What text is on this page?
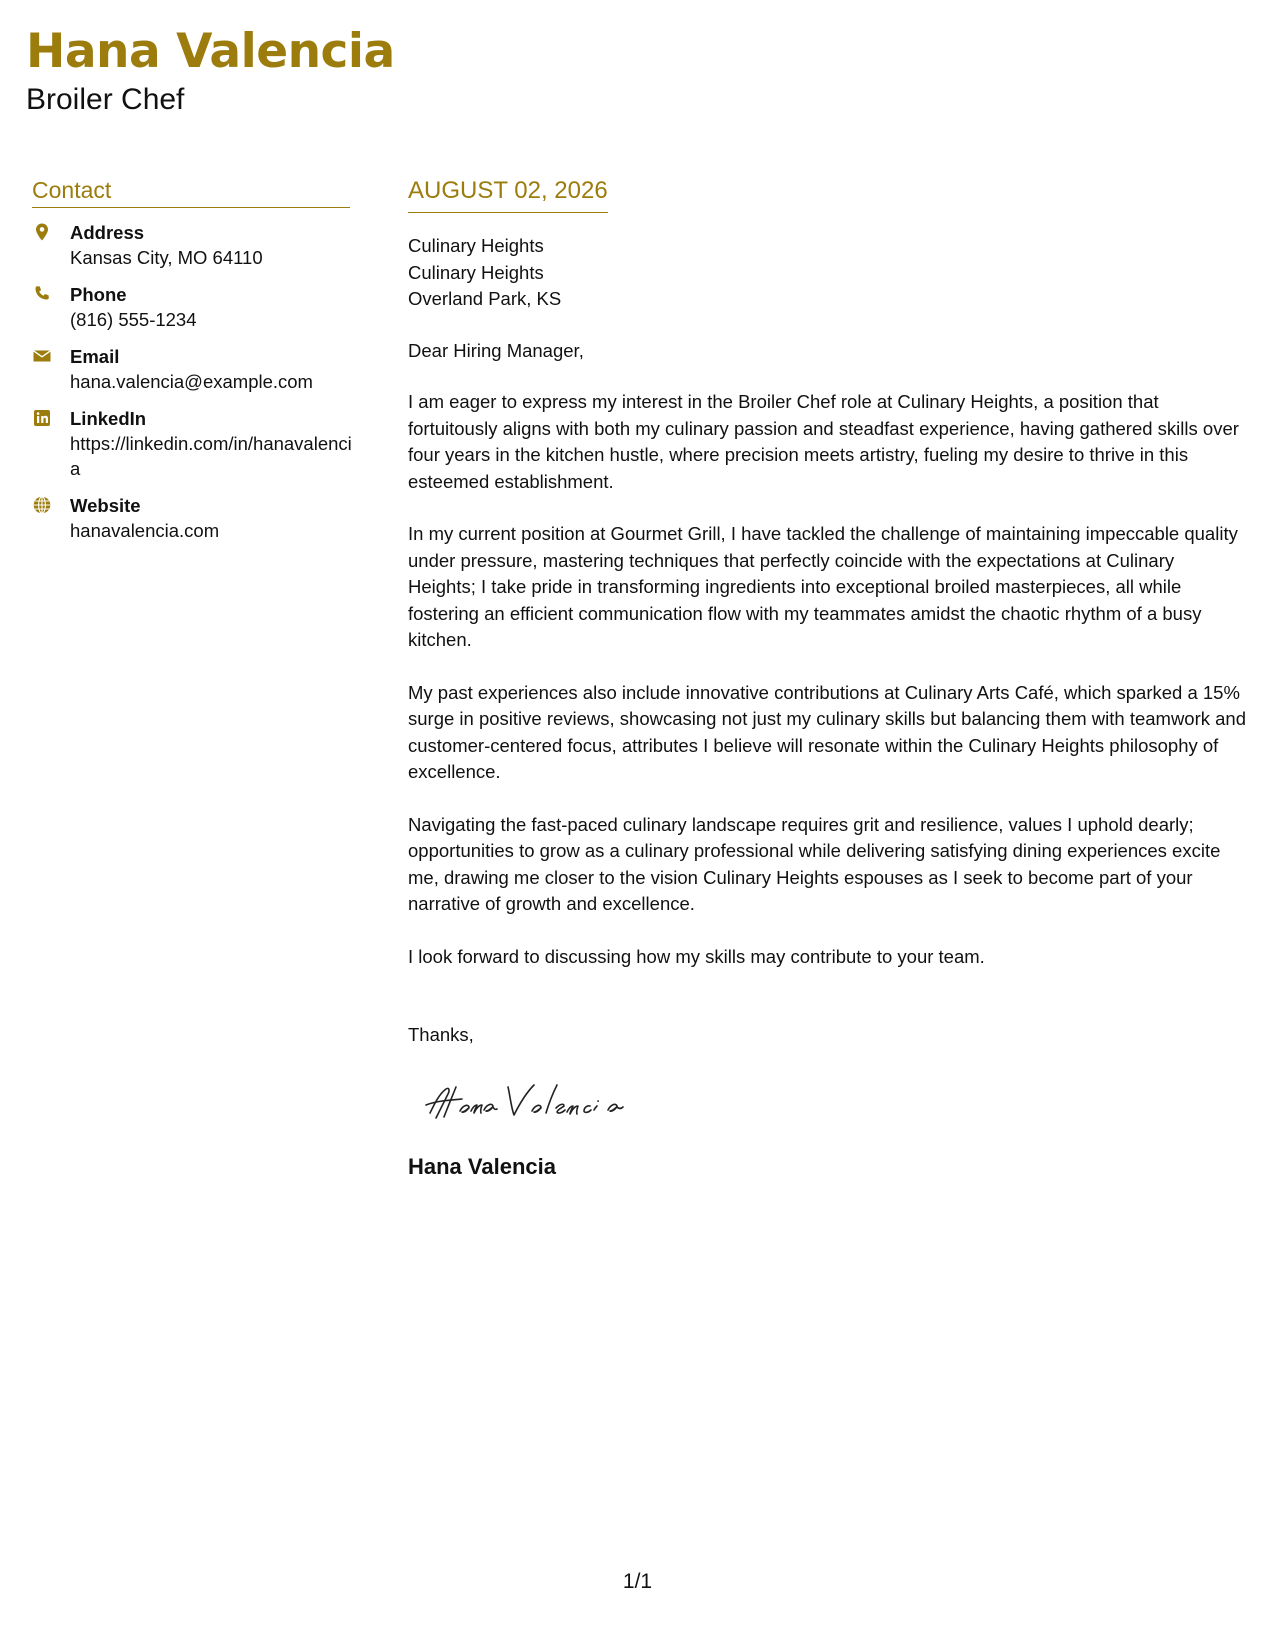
Hana Valencia
Broiler Chef
Contact
Address
Kansas City, MO 64110
Phone
(816) 555-1234
Email
hana.valencia@example.com
LinkedIn
https://linkedin.com/in/hanavalencia
Website
hanavalencia.com
AUGUST 02, 2026
Culinary Heights
Culinary Heights
Overland Park, KS

Dear Hiring Manager,

I am eager to express my interest in the Broiler Chef role at Culinary Heights, a position that fortuitously aligns with both my culinary passion and steadfast experience, having gathered skills over four years in the kitchen hustle, where precision meets artistry, fueling my desire to thrive in this esteemed establishment.

In my current position at Gourmet Grill, I have tackled the challenge of maintaining impeccable quality under pressure, mastering techniques that perfectly coincide with the expectations at Culinary Heights; I take pride in transforming ingredients into exceptional broiled masterpieces, all while fostering an efficient communication flow with my teammates amidst the chaotic rhythm of a busy kitchen.

My past experiences also include innovative contributions at Culinary Arts Café, which sparked a 15% surge in positive reviews, showcasing not just my culinary skills but balancing them with teamwork and customer-centered focus, attributes I believe will resonate within the Culinary Heights philosophy of excellence.

Navigating the fast-paced culinary landscape requires grit and resilience, values I uphold dearly; opportunities to grow as a culinary professional while delivering satisfying dining experiences excite me, drawing me closer to the vision Culinary Heights espouses as I seek to become part of your narrative of growth and excellence.

I look forward to discussing how my skills may contribute to your team.

Thanks,
Hana Valencia
1/1
